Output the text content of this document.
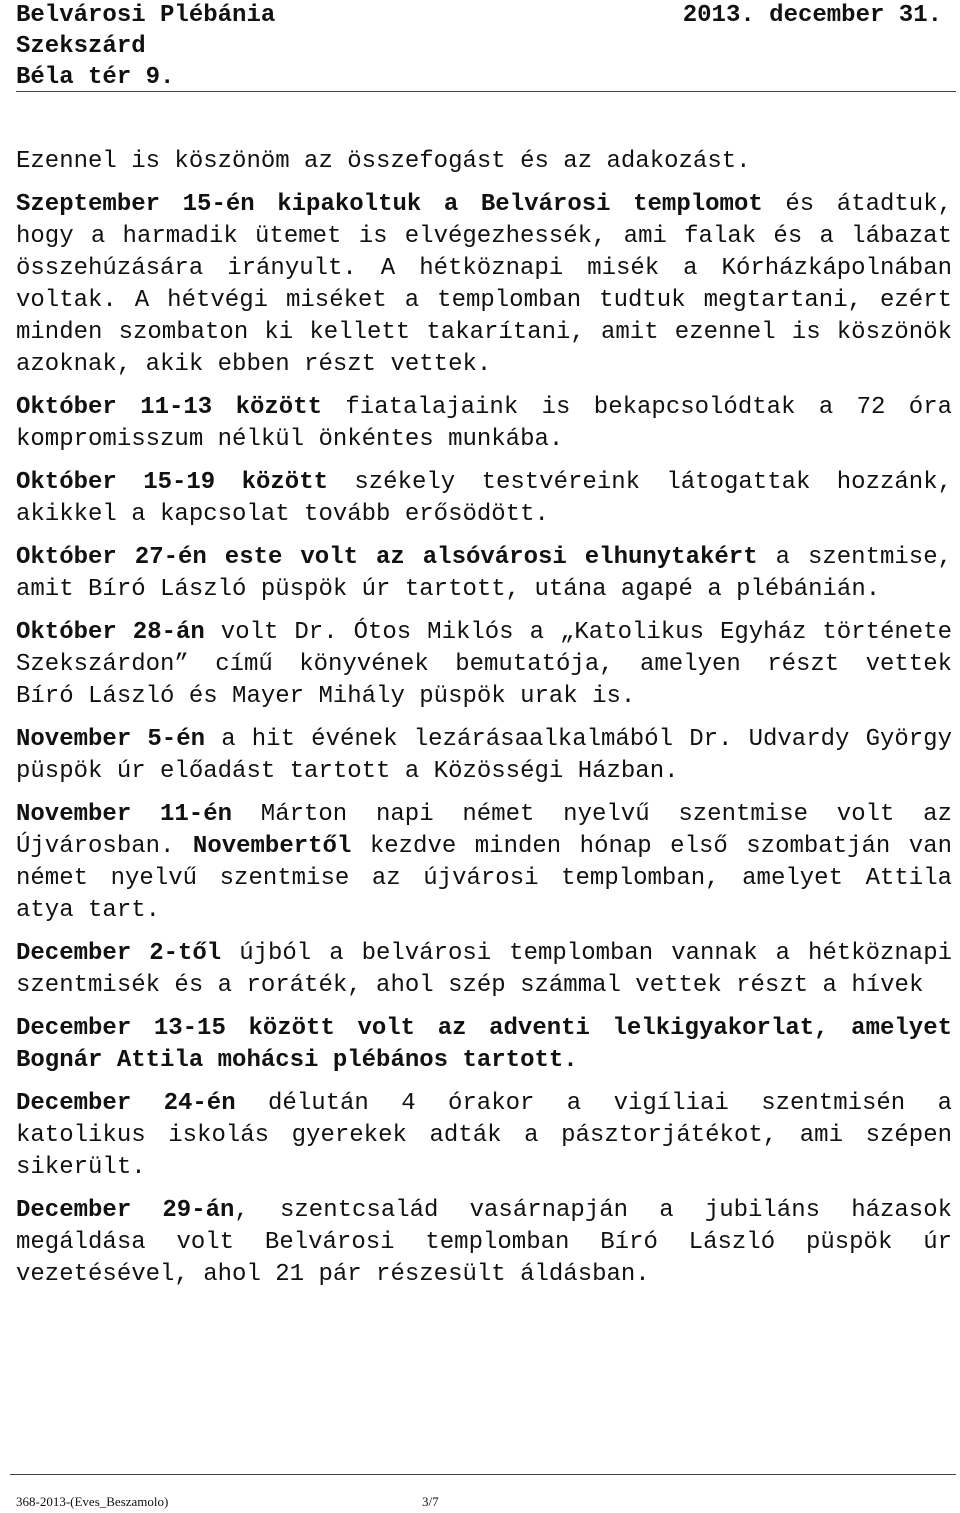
Belvárosi Plébánia
Szekszárd
Béla tér 9.
2013. december 31.

Ezennel is köszönöm az összefogást és az adakozást.

Szeptember 15-én kipakoltuk a Belvárosi templomot és átadtuk, hogy a harmadik ütemet is elvégezhessék, ami falak és a lábazat összehúzására irányult. A hétköznapi misék a Kórházkápolnában voltak. A hétvégi miséket a templomban tudtuk megtartani, ezért minden szombaton ki kellett takarítani, amit ezennel is köszönök azoknak, akik ebben részt vettek.

Október 11-13 között fiatalajaink is bekapcsolódtak a 72 óra kompromisszum nélkül önkéntes munkába.

Október 15-19 között székely testvéreink látogattak hozzánk, akikkel a kapcsolat tovább erősödött.

Október 27-én este volt az alsóvárosi elhunytakért a szentmise, amit Bíró László püspök úr tartott, utána agapé a plébánián.

Október 28-án volt Dr. Ótos Miklós a „Katolikus Egyház története Szekszárdon” című könyvének bemutatója, amelyen részt vettek Bíró László és Mayer Mihály püspök urak is.

November 5-én a hit évének lezárásaalkalmából Dr. Udvardy György püspök úr előadást tartott a Közösségi Házban.

November 11-én Márton napi német nyelvű szentmise volt az Újvárosban. Novembertől kezdve minden hónap első szombatján van német nyelvű szentmise az újvárosi templomban, amelyet Attila atya tart.

December 2-től újból a belvárosi templomban vannak a hétköznapi szentmisék és a roráték, ahol szép számmal vettek részt a hívek

December 13-15 között volt az adventi lelkigyakorlat, amelyet Bognár Attila mohácsi plébános tartott.

December 24-én délután 4 órakor a vigíliai szentmisén a katolikus iskolás gyerekek adták a pásztorjátékot, ami szépen sikerült.

December 29-án, szentcsalád vasárnapján a jubiláns házasok megáldása volt Belvárosi templomban Bíró László püspök úr vezetésével, ahol 21 pár részesült áldásban.

368-2013-(Eves_Beszamolo)	3/7
